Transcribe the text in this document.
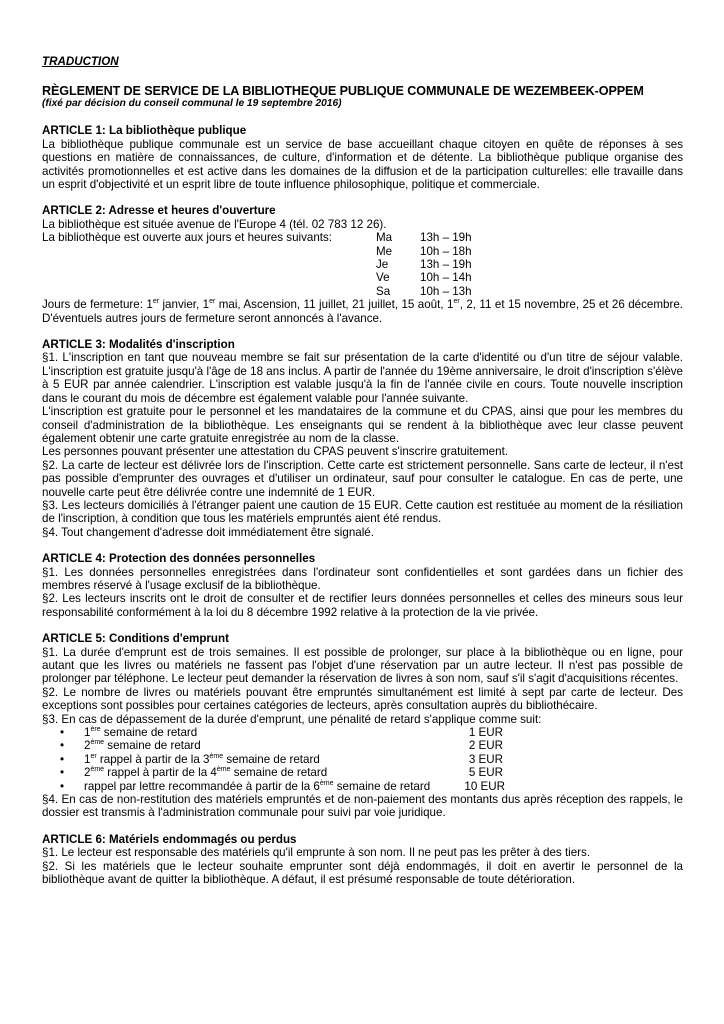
TRADUCTION
RÈGLEMENT DE SERVICE DE LA BIBLIOTHEQUE PUBLIQUE COMMUNALE DE WEZEMBEEK-OPPEM
(fixé par décision du conseil communal le 19 septembre 2016)
ARTICLE 1: La bibliothèque publique

La bibliothèque publique communale est un service de base accueillant chaque citoyen en quête de réponses à ses questions en matière de connaissances, de culture, d'information et de détente. La bibliothèque publique organise des activités promotionnelles et est active dans les domaines de la diffusion et de la participation culturelles: elle travaille dans un esprit d'objectivité et un esprit libre de toute influence philosophique, politique et commerciale.

ARTICLE 2: Adresse et heures d'ouverture

La bibliothèque est située avenue de l'Europe 4 (tél. 02 783 12 26).

La bibliothèque est ouverte aux jours et heures suivants:	Ma 13h – 19h
Me 10h – 18h
Je	13h – 19h
Ve	10h – 14h
Sa	10h – 13h

Jours de fermeture: 1er janvier, 1er mai, Ascension, 11 juillet, 21 juillet, 15 août, 1er, 2, 11 et 15 novembre, 25 et 26 décembre. D'éventuels autres jours de fermeture seront annoncés à l'avance.

ARTICLE 3: Modalités d'inscription

§1. L'inscription en tant que nouveau membre se fait sur présentation de la carte d'identité ou d'un titre de séjour valable. L'inscription est gratuite jusqu'à l'âge de 18 ans inclus. A partir de l'année du 19ème anniversaire, le droit d'inscription s'élève à 5 EUR par année calendrier. L'inscription est valable jusqu'à la fin de l'année civile en cours. Toute nouvelle inscription dans le courant du mois de décembre est également valable pour l'année suivante.

L'inscription est gratuite pour le personnel et les mandataires de la commune et du CPAS, ainsi que pour les membres du conseil d'administration de la bibliothèque. Les enseignants qui se rendent à la bibliothèque avec leur classe peuvent également obtenir une carte gratuite enregistrée au nom de la classe.

Les personnes pouvant présenter une attestation du CPAS peuvent s'inscrire gratuitement.

§2. La carte de lecteur est délivrée lors de l'inscription. Cette carte est strictement personnelle. Sans carte de lecteur, il n'est pas possible d'emprunter des ouvrages et d'utiliser un ordinateur, sauf pour consulter le catalogue. En cas de perte, une nouvelle carte peut être délivrée contre une indemnité de 1 EUR.

§3. Les lecteurs domiciliés à l'étranger paient une caution de 15 EUR. Cette caution est restituée au moment de la résiliation de l'inscription, à condition que tous les matériels empruntés aient été rendus.

§4. Tout changement d'adresse doit immédiatement être signalé.

ARTICLE 4: Protection des données personnelles

§1. Les données personnelles enregistrées dans l'ordinateur sont confidentielles et sont gardées dans un fichier des membres réservé à l'usage exclusif de la bibliothèque.

§2. Les lecteurs inscrits ont le droit de consulter et de rectifier leurs données personnelles et celles des mineurs sous leur responsabilité conformément à la loi du 8 décembre 1992 relative à la protection de la vie privée.

ARTICLE 5: Conditions d'emprunt

§1. La durée d'emprunt est de trois semaines. Il est possible de prolonger, sur place à la bibliothèque ou en ligne, pour autant que les livres ou matériels ne fassent pas l'objet d'une réservation par un autre lecteur. Il n'est pas possible de prolonger par téléphone. Le lecteur peut demander la réservation de livres à son nom, sauf s'il s'agit d'acquisitions récentes.

§2. Le nombre de livres ou matériels pouvant être empruntés simultanément est limité à sept par carte de lecteur. Des exceptions sont possibles pour certaines catégories de lecteurs, après consultation auprès du bibliothécaire.

§3. En cas de dépassement de la durée d'emprunt, une pénalité de retard s'applique comme suit:

• 1ère semaine de retard	1 EUR
• 2ème semaine de retard	2 EUR
• 1er rappel à partir de la 3ème semaine de retard	3 EUR
• 2ème rappel à partir de la 4ème semaine de retard	5 EUR
• rappel par lettre recommandée à partir de la 6ème semaine de retard	10 EUR

§4. En cas de non-restitution des matériels empruntés et de non-paiement des montants dus après réception des rappels, le dossier est transmis à l'administration communale pour suivi par voie juridique.

ARTICLE 6: Matériels endommagés ou perdus

§1. Le lecteur est responsable des matériels qu'il emprunte à son nom. Il ne peut pas les prêter à des tiers.

§2. Si les matériels que le lecteur souhaite emprunter sont déjà endommagés, il doit en avertir le personnel de la bibliothèque avant de quitter la bibliothèque. A défaut, il est présumé responsable de toute détérioration.
